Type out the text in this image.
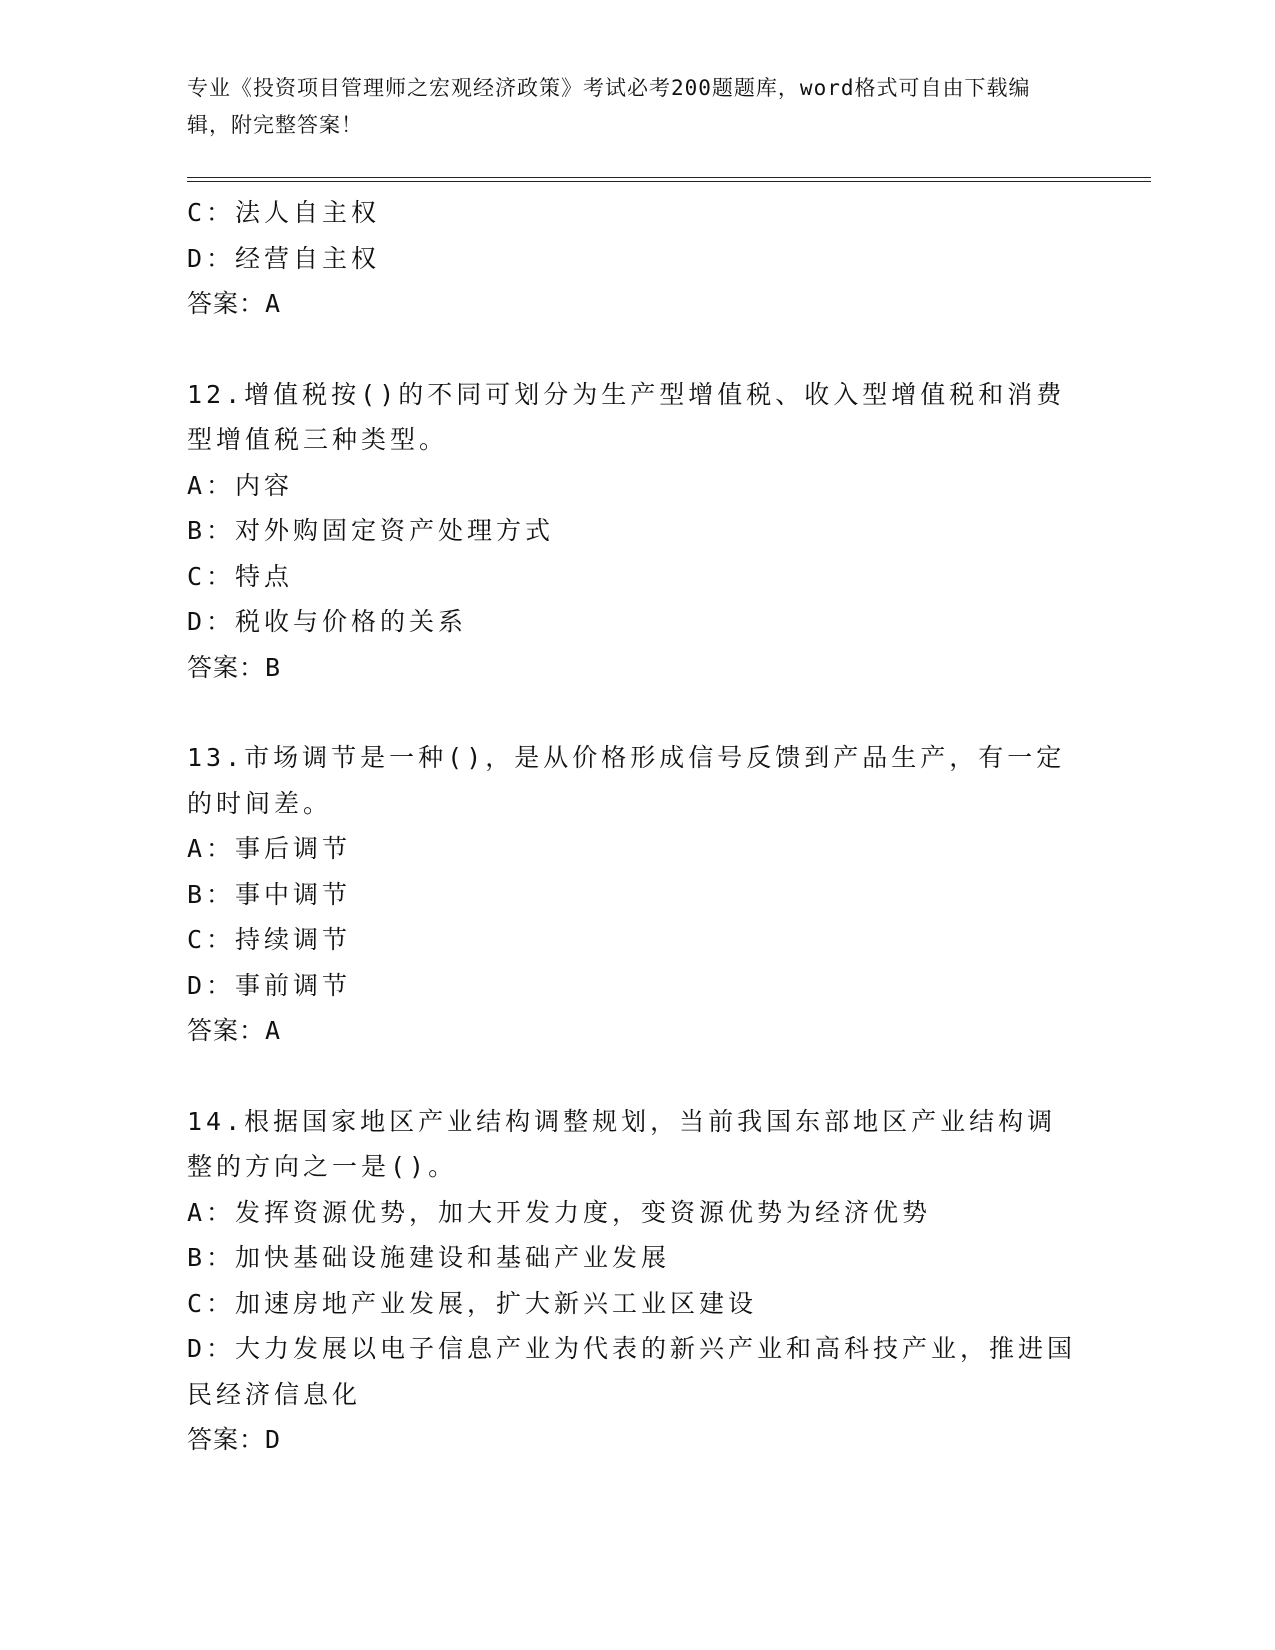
专业《投资项目管理师之宏观经济政策》考试必考200题题库，word格式可自由下载编辑，附完整答案！

C：法人自主权

D：经营自主权

答案：A

12.增值税按()的不同可划分为生产型增值税、收入型增值税和消费型增值税三种类型。

A：内容

B：对外购固定资产处理方式

C：特点

D：税收与价格的关系

答案：B

13.市场调节是一种()，是从价格形成信号反馈到产品生产，有一定的时间差。

A：事后调节

B：事中调节

C：持续调节

D：事前调节

答案：A

14.根据国家地区产业结构调整规划，当前我国东部地区产业结构调整的方向之一是()。

A：发挥资源优势，加大开发力度，变资源优势为经济优势

B：加快基础设施建设和基础产业发展

C：加速房地产业发展，扩大新兴工业区建设

D：大力发展以电子信息产业为代表的新兴产业和高科技产业，推进国民经济信息化

答案：D
